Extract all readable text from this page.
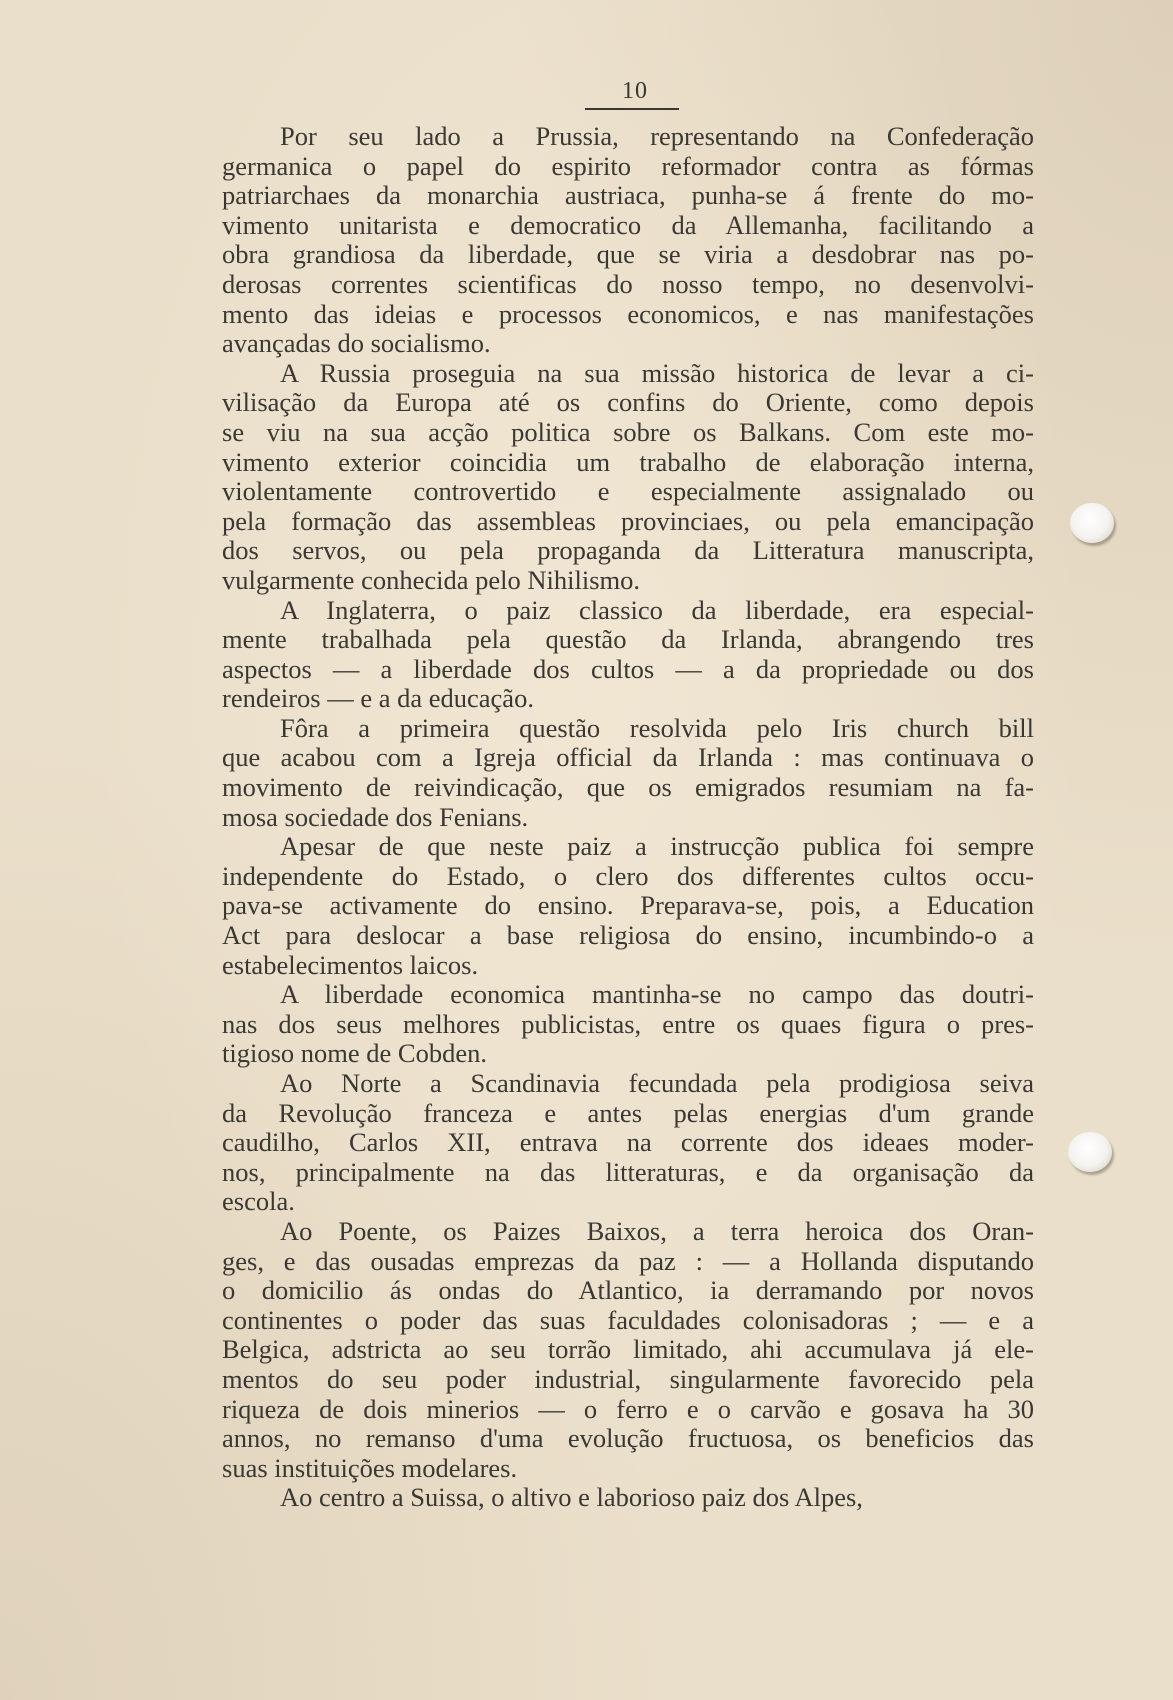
10
Por seu lado a Prussia, representando na Confederação
germanica o papel do espirito reformador contra as fórmas
patriarchaes da monarchia austriaca, punha-se á frente do mo-
vimento unitarista e democratico da Allemanha, facilitando a
obra grandiosa da liberdade, que se viria a desdobrar nas po-
derosas correntes scientificas do nosso tempo, no desenvolvi-
mento das ideias e processos economicos, e nas manifestações
avançadas do socialismo.
A Russia proseguia na sua missão historica de levar a ci-
vilisação da Europa até os confins do Oriente, como depois
se viu na sua acção politica sobre os Balkans. Com este mo-
vimento exterior coincidia um trabalho de elaboração interna,
violentamente controvertido e especialmente assignalado ou
pela formação das assembleas provinciaes, ou pela emancipação
dos servos, ou pela propaganda da Litteratura manuscripta,
vulgarmente conhecida pelo Nihilismo.
A Inglaterra, o paiz classico da liberdade, era especial-
mente trabalhada pela questão da Irlanda, abrangendo tres
aspectos — a liberdade dos cultos — a da propriedade ou dos
rendeiros — e a da educação.
Fôra a primeira questão resolvida pelo Iris church bill
que acabou com a Igreja official da Irlanda : mas continuava o
movimento de reivindicação, que os emigrados resumiam na fa-
mosa sociedade dos Fenians.
Apesar de que neste paiz a instrucção publica foi sempre
independente do Estado, o clero dos differentes cultos occu-
pava-se activamente do ensino. Preparava-se, pois, a Education
Act para deslocar a base religiosa do ensino, incumbindo-o a
estabelecimentos laicos.
A liberdade economica mantinha-se no campo das doutri-
nas dos seus melhores publicistas, entre os quaes figura o pres-
tigioso nome de Cobden.
Ao Norte a Scandinavia fecundada pela prodigiosa seiva
da Revolução franceza e antes pelas energias d'um grande
caudilho, Carlos XII, entrava na corrente dos ideaes moder-
nos, principalmente na das litteraturas, e da organisação da
escola.
Ao Poente, os Paizes Baixos, a terra heroica dos Oran-
ges, e das ousadas emprezas da paz : — a Hollanda disputando
o domicilio ás ondas do Atlantico, ia derramando por novos
continentes o poder das suas faculdades colonisadoras ; — e a
Belgica, adstricta ao seu torrão limitado, ahi accumulava já ele-
mentos do seu poder industrial, singularmente favorecido pela
riqueza de dois minerios — o ferro e o carvão e gosava ha 30
annos, no remanso d'uma evolução fructuosa, os beneficios das
suas instituições modelares.
Ao centro a Suissa, o altivo e laborioso paiz dos Alpes,
